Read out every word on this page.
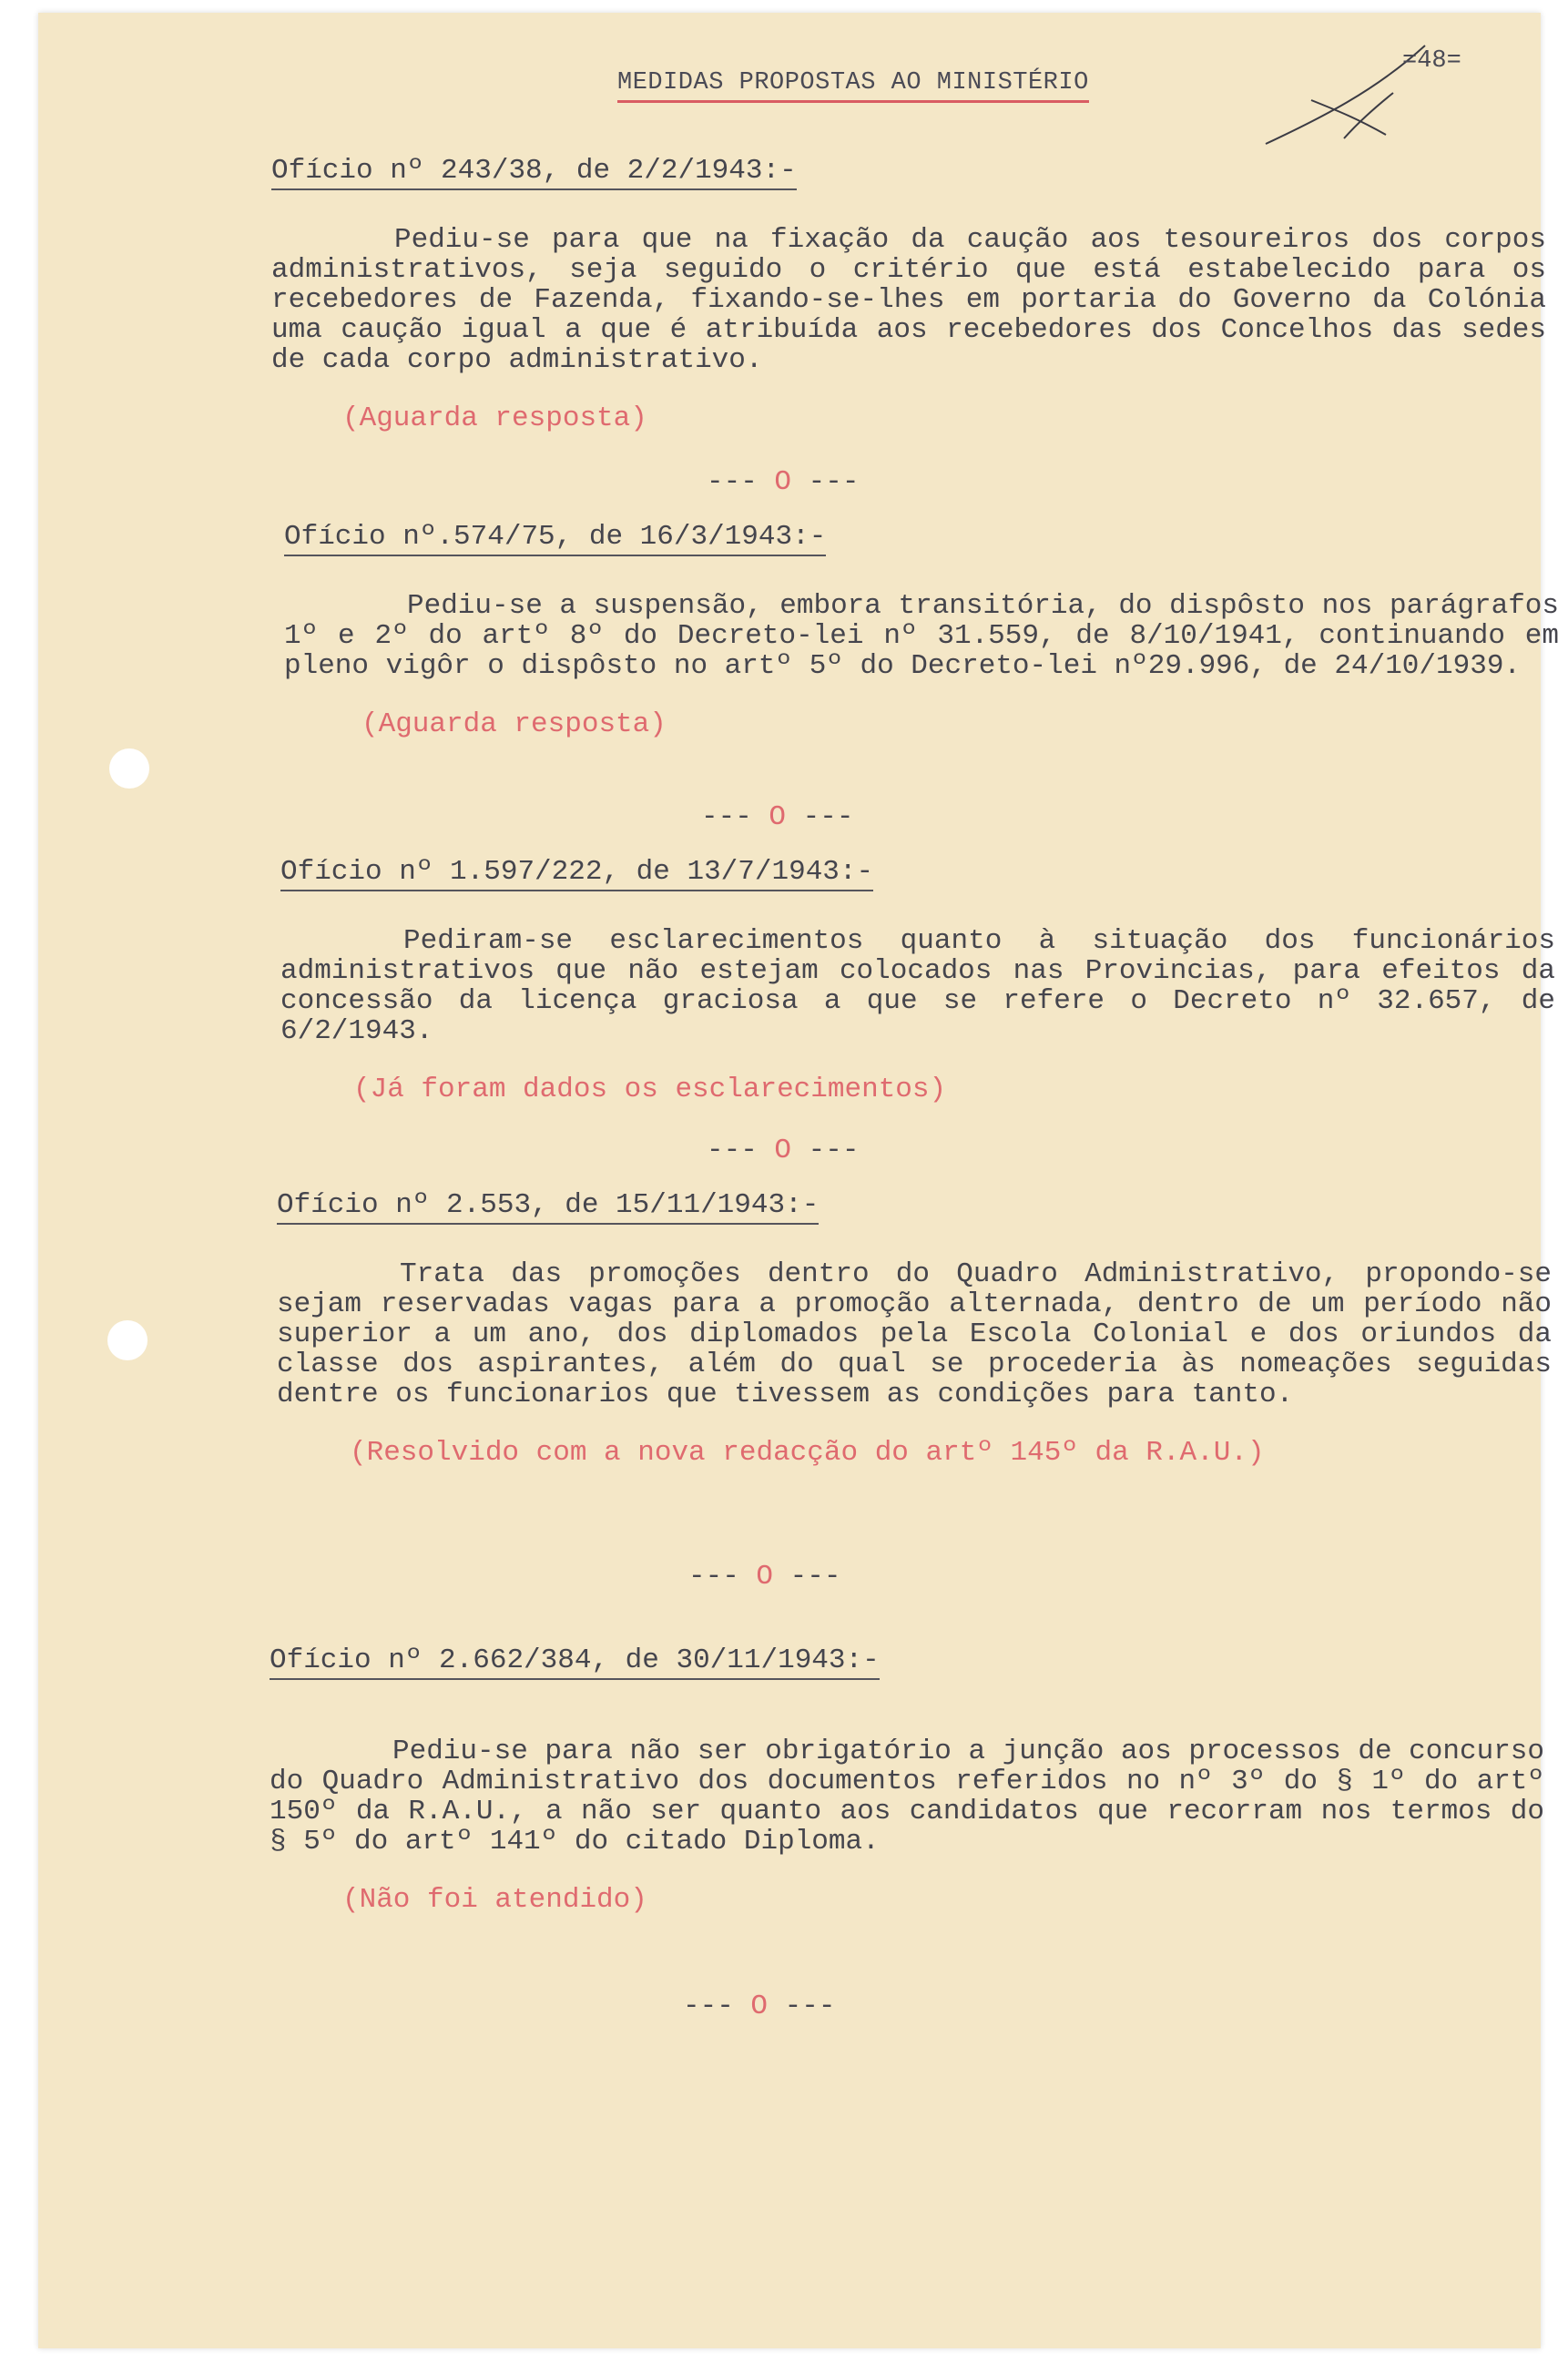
=48=
MEDIDAS PROPOSTAS AO MINISTÉRIO
Ofício nº 243/38, de 2/2/1943:-
Pediu-se para que na fixação da caução aos tesoureiros dos corpos administrativos, seja seguido o critério que está estabelecido para os recebedores de Fazenda, fixando-se-lhes em portaria do Governo da Colónia uma caução igual a que é atribuída aos recebedores dos Concelhos das sedes de cada corpo administrativo.
(Aguarda resposta)
--- O ---
Ofício nº.574/75, de 16/3/1943:-
Pediu-se a suspensão, embora transitória, do dispôsto nos parágrafos 1º e 2º do artº 8º do Decreto-lei nº 31.559, de 8/10/1941, continuando em pleno vigôr o dispôsto no artº 5º do Decreto-lei nº29.996, de 24/10/1939.
(Aguarda resposta)
--- O ---
Ofício nº 1.597/222, de 13/7/1943:-
Pediram-se esclarecimentos quanto à situação dos funcionários administrativos que não estejam colocados nas Provincias, para efeitos da concessão da licença graciosa a que se refere o Decreto nº 32.657, de 6/2/1943.
(Já foram dados os esclarecimentos)
--- O ---
Ofício nº 2.553, de 15/11/1943:-
Trata das promoções dentro do Quadro Administrativo, propondo-se sejam reservadas vagas para a promoção alternada, dentro de um período não superior a um ano, dos diplomados pela Escola Colonial e dos oriundos da classe dos aspirantes, além do qual se procederia às nomeações seguidas dentre os funcionarios que tivessem as condições para tanto.
(Resolvido com a nova redacção do artº 145º da R.A.U.)
--- O ---
Ofício nº 2.662/384, de 30/11/1943:-
Pediu-se para não ser obrigatório a junção aos processos de concurso do Quadro Administrativo dos documentos referidos no nº 3º do § 1º do artº 150º da R.A.U., a não ser quanto aos candidatos que recorram nos termos do § 5º do artº 141º do citado Diploma.
(Não foi atendido)
--- O ---
